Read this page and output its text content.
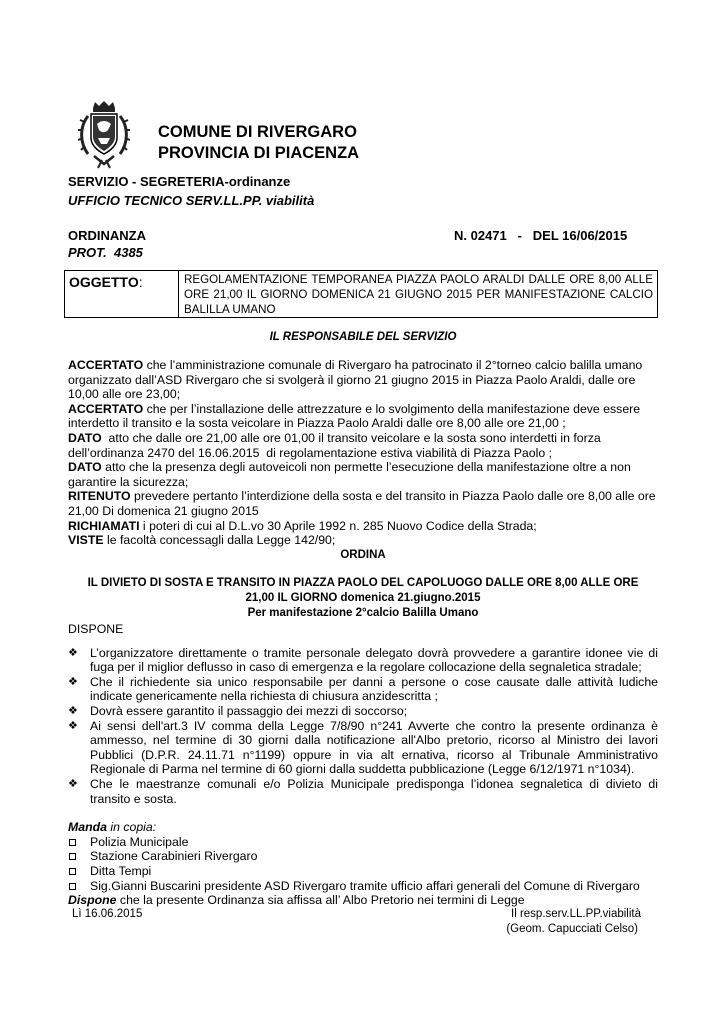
COMUNE DI RIVERGARO
PROVINCIA DI PIACENZA
SERVIZIO - SEGRETERIA-ordinanze
UFFICIO TECNICO SERV.LL.PP. viabilità
ORDINANZA	N. 02471   -   DEL 16/06/2015
PROT.  4385
OGGETTO:	REGOLAMENTAZIONE TEMPORANEA PIAZZA PAOLO ARALDI DALLE ORE 8,00 ALLE ORE 21,00 IL GIORNO DOMENICA 21 GIUGNO 2015 PER MANIFESTAZIONE CALCIO BALILLA UMANO
IL RESPONSABILE DEL SERVIZIO

ACCERTATO che l’amministrazione comunale di Rivergaro ha patrocinato il 2°torneo calcio balilla umano organizzato dall’ASD Rivergaro che si svolgerà il giorno 21 giugno 2015 in Piazza Paolo Araldi, dalle ore 10,00 alle ore 23,00;

ACCERTATO che per l’installazione delle attrezzature e lo svolgimento della manifestazione deve essere interdetto il transito e la sosta veicolare in Piazza Paolo Araldi dalle ore 8,00 alle ore 21,00 ;

DATO  atto che dalle ore 21,00 alle ore 01,00 il transito veicolare e la sosta sono interdetti in forza dell’ordinanza 2470 del 16.06.2015  di regolamentazione estiva viabilità di Piazza Paolo ;

DATO atto che la presenza degli autoveicoli non permette l’esecuzione della manifestazione oltre a non garantire la sicurezza;

RITENUTO prevedere pertanto l’interdizione della sosta e del transito in Piazza Paolo dalle ore 8,00 alle ore 21,00 Di domenica 21 giugno 2015

RICHIAMATI i poteri di cui al D.L.vo 30 Aprile 1992 n. 285 Nuovo Codice della Strada;

VISTE le facoltà concessagli dalla Legge 142/90;

ORDINA

IL DIVIETO DI SOSTA E TRANSITO IN PIAZZA PAOLO DEL CAPOLUOGO DALLE ORE 8,00 ALLE ORE

21,00 IL GIORNO domenica 21.giugno.2015

Per manifestazione 2°calcio Balilla Umano

DISPONE

❖ L’organizzatore direttamente o tramite personale delegato dovrà provvedere a garantire idonee vie di fuga per il miglior deflusso in caso di emergenza e la regolare collocazione della segnaletica stradale;
❖ Che il richiedente sia unico responsabile per danni a persone o cose causate dalle attività ludiche indicate genericamente nella richiesta di chiusura anzidescritta ;
❖ Dovrà essere garantito il passaggio dei mezzi di soccorso;
❖ Ai sensi dell'art.3 IV comma della Legge 7/8/90 n°241 Avverte che contro la presente ordinanza è ammesso, nel termine di 30 giorni dalla notificazione all'Albo pretorio, ricorso al Ministro dei lavori Pubblici (D.P.R. 24.11.71 n°1199) oppure in via alt ernativa, ricorso al Tribunale Amministrativo Regionale di Parma nel termine di 60 giorni dalla suddetta pubblicazione (Legge 6/12/1971 n°1034).
❖ Che le maestranze comunali e/o Polizia Municipale predisponga l’idonea segnaletica di divieto di transito e sosta.

Manda in copia:

Polizia Municipale
Stazione Carabinieri Rivergaro
Ditta Tempi
Sig.Gianni Buscarini presidente ASD Rivergaro tramite ufficio affari generali del Comune di Rivergaro

Dispone che la presente Ordinanza sia affissa all’ Albo Pretorio nei termini di Legge

Lì 16.06.2015	Il resp.serv.LL.PP.viabilità
(Geom. Capucciati Celso)
